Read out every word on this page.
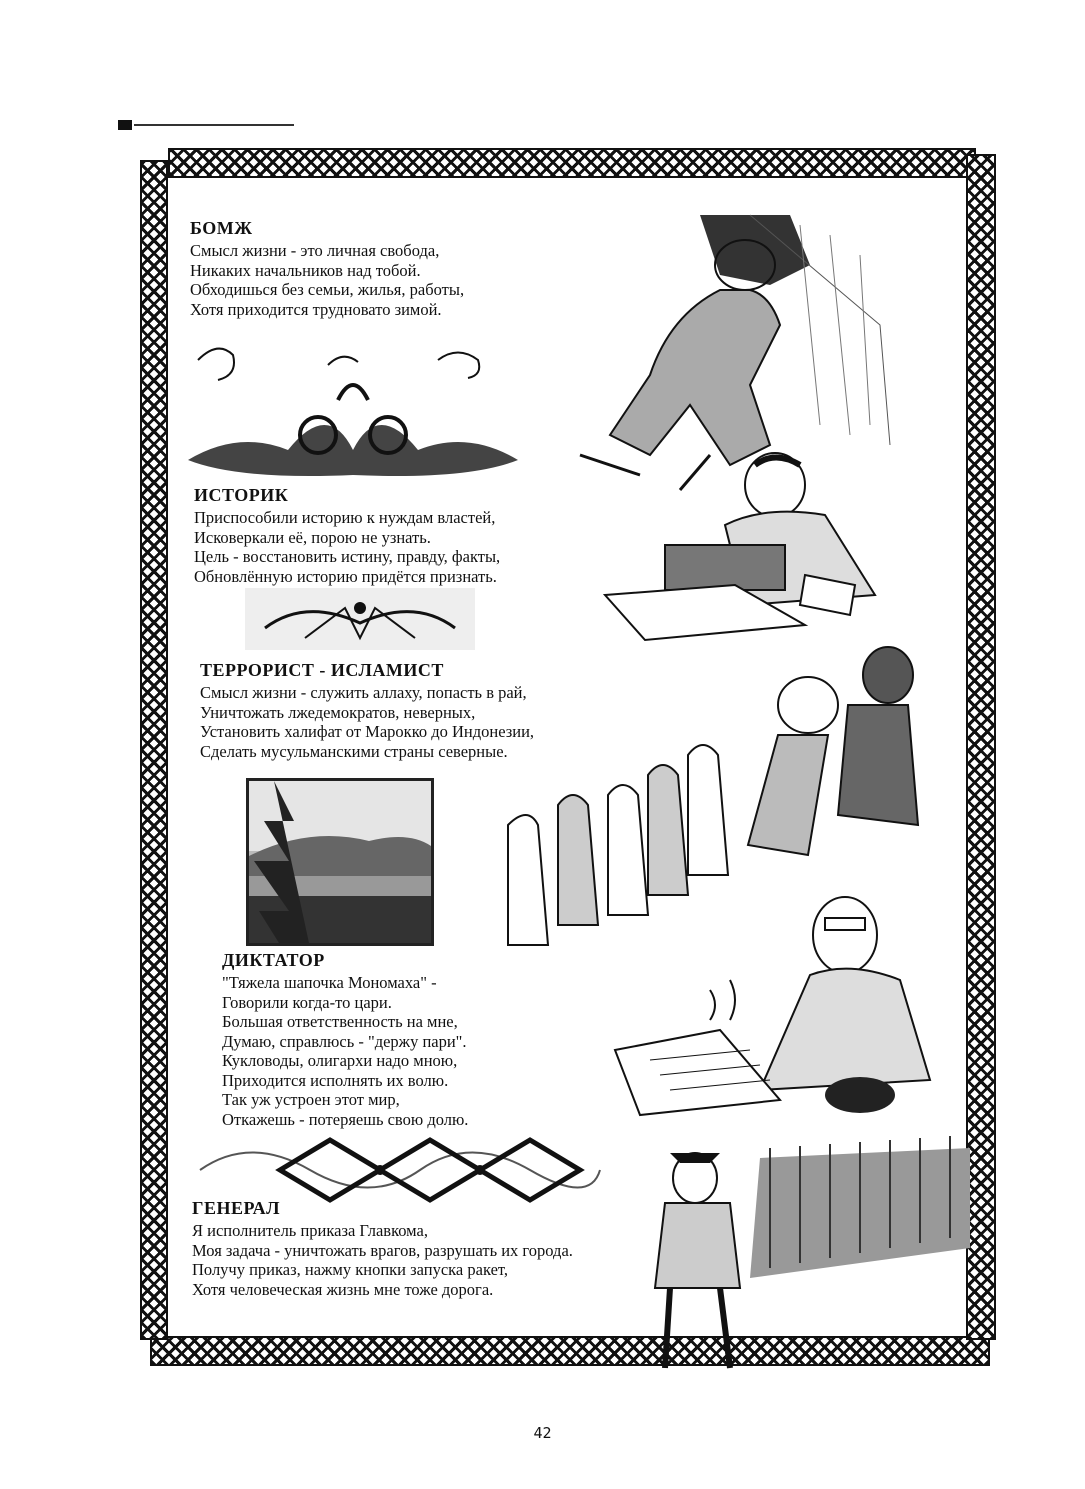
БОМЖ
Смысл жизни - это личная свобода,
Никаких начальников над тобой.
Обходишься без семьи, жилья, работы,
Хотя приходится трудновато зимой.
ИСТОРИК
Приспособили историю к нуждам властей,
Исковеркали её, порою не узнать.
Цель - восстановить истину, правду, факты,
Обновлённую историю придётся признать.
ТЕРРОРИСТ - ИСЛАМИСТ
Смысл жизни - служить аллаху, попасть в рай,
Уничтожать лжедемократов, неверных,
Установить халифат от Марокко до Индонезии,
Сделать мусульманскими страны северные.
ДИКТАТОР
"Тяжела шапочка Мономаха" -
Говорили когда-то цари.
Большая ответственность на мне,
Думаю, справлюсь - "держу пари".
Кукловоды, олигархи надо мною,
Приходится исполнять их волю.
Так уж устроен этот мир,
Откажешь - потеряешь свою долю.
ГЕНЕРАЛ
Я исполнитель приказа Главкома,
Моя задача - уничтожать врагов, разрушать их города.
Получу приказ, нажму кнопки запуска ракет,
Хотя человеческая жизнь мне тоже дорога.
42
